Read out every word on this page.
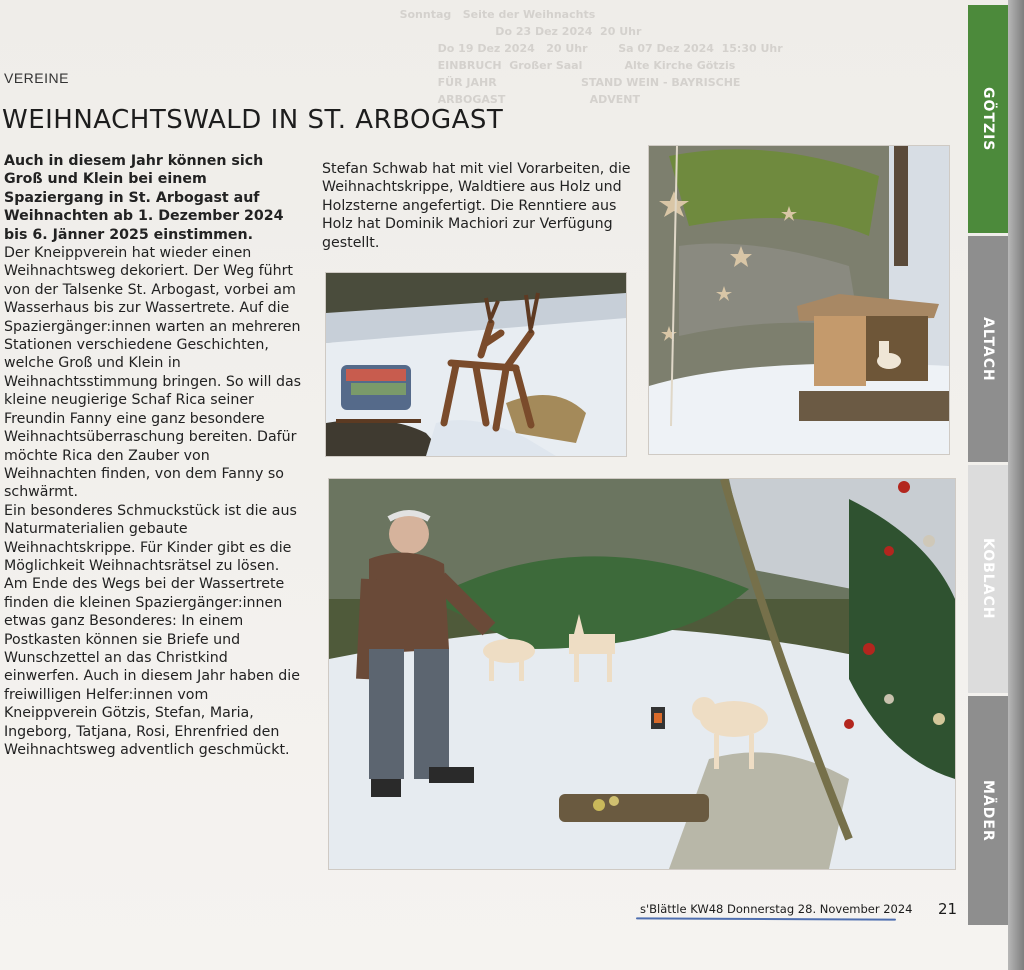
Sonntag   Seite der Weihnachts
Do 23 Dez 2024  20 Uhr
Do 19 Dez 2024   20 Uhr        Sa 07 Dez 2024  15:30 Uhr
EINBRUCH  Großer Saal           Alte Kirche Götzis
FÜR JAHR                      STAND WEIN - BAYRISCHE
ARBOGAST                      ADVENT
VEREINE
WEIHNACHTSWALD IN ST. ARBOGAST

Auch in diesem Jahr können sich Groß und Klein bei einem Spaziergang in St. Arbogast auf Weihnachten ab 1. Dezember 2024 bis 6. Jänner 2025 einstimmen.

Der Kneippverein hat wieder einen Weihnachtsweg dekoriert. Der Weg führt von der Talsenke St. Arbogast, vorbei am Wasserhaus bis zur Wassertrete. Auf die Spaziergänger:innen warten an mehreren Stationen verschiedene Geschichten, welche Groß und Klein in Weihnachtsstimmung bringen. So will das kleine neugierige Schaf Rica seiner Freundin Fanny eine ganz besondere Weihnachtsüberraschung bereiten. Dafür möchte Rica den Zauber von Weihnachten finden, von dem Fanny so schwärmt.

Ein besonderes Schmuckstück ist die aus Naturmaterialien gebaute Weihnachtskrippe. Für Kinder gibt es die Möglichkeit Weihnachtsrätsel zu lösen. Am Ende des Wegs bei der Wassertrete finden die kleinen Spaziergänger:innen etwas ganz Besonderes: In einem Postkasten können sie Briefe und Wunschzettel an das Christkind einwerfen. Auch in diesem Jahr haben die freiwilligen Helfer:innen vom Kneippverein Götzis, Stefan, Maria, Ingeborg, Tatjana, Rosi, Ehrenfried den Weihnachtsweg adventlich geschmückt.

Stefan Schwab hat mit viel Vorarbeiten, die Weihnachtskrippe, Waldtiere aus Holz und Holzsterne angefertigt. Die Renntiere aus Holz hat Dominik Machiori zur Verfügung gestellt.
GÖTZIS
ALTACH
KOBLACH
MÄDER
s'Blättle KW48 Donnerstag 28. November 2024 21
